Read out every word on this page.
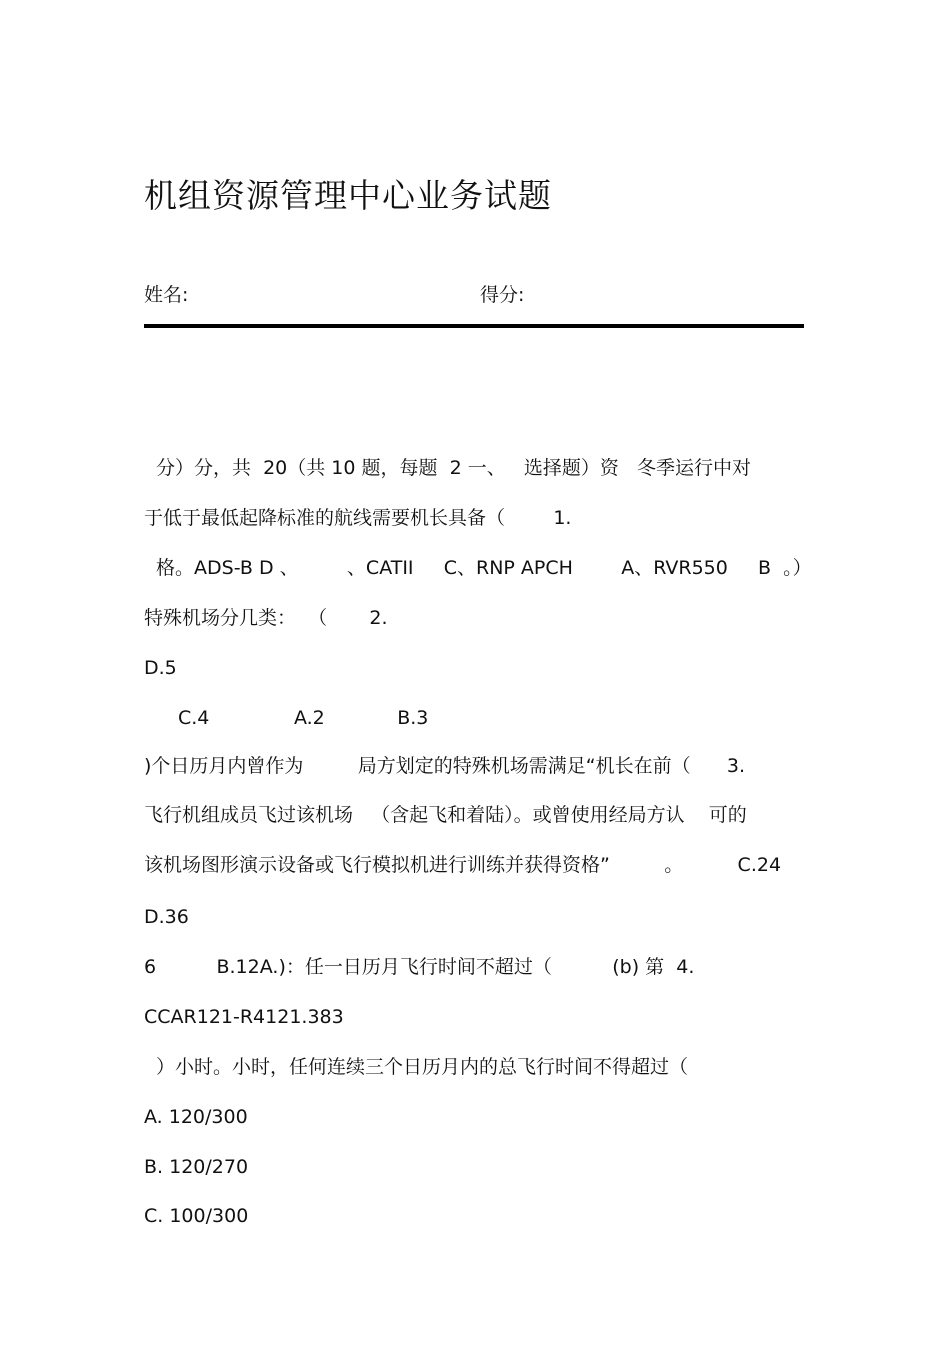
机组资源管理中心业务试题
姓名:	得分:
分）分，共  20（共 10 题，每题  2 一、   选择题）资   冬季运行中对
于低于最低起降标准的航线需要机长具备（        1.
格。ADS-B D 、        、CATII     C、RNP APCH        A、RVR550     B  。）
特殊机场分几类：  （       2.
D.5
C.4              A.2            B.3
)个日历月内曾作为         局方划定的特殊机场需满足“机长在前（      3.
飞行机组成员飞过该机场   （含起飞和着陆）。或曾使用经局方认    可的
该机场图形演示设备或飞行模拟机进行训练并获得资格”         。         C.24
D.36
6          B.12A.)：任一日历月飞行时间不超过（          (b) 第  4.
CCAR121-R4121.383
）小时。小时，任何连续三个日历月内的总飞行时间不得超过（
A. 120/300
B. 120/270
C. 100/300
